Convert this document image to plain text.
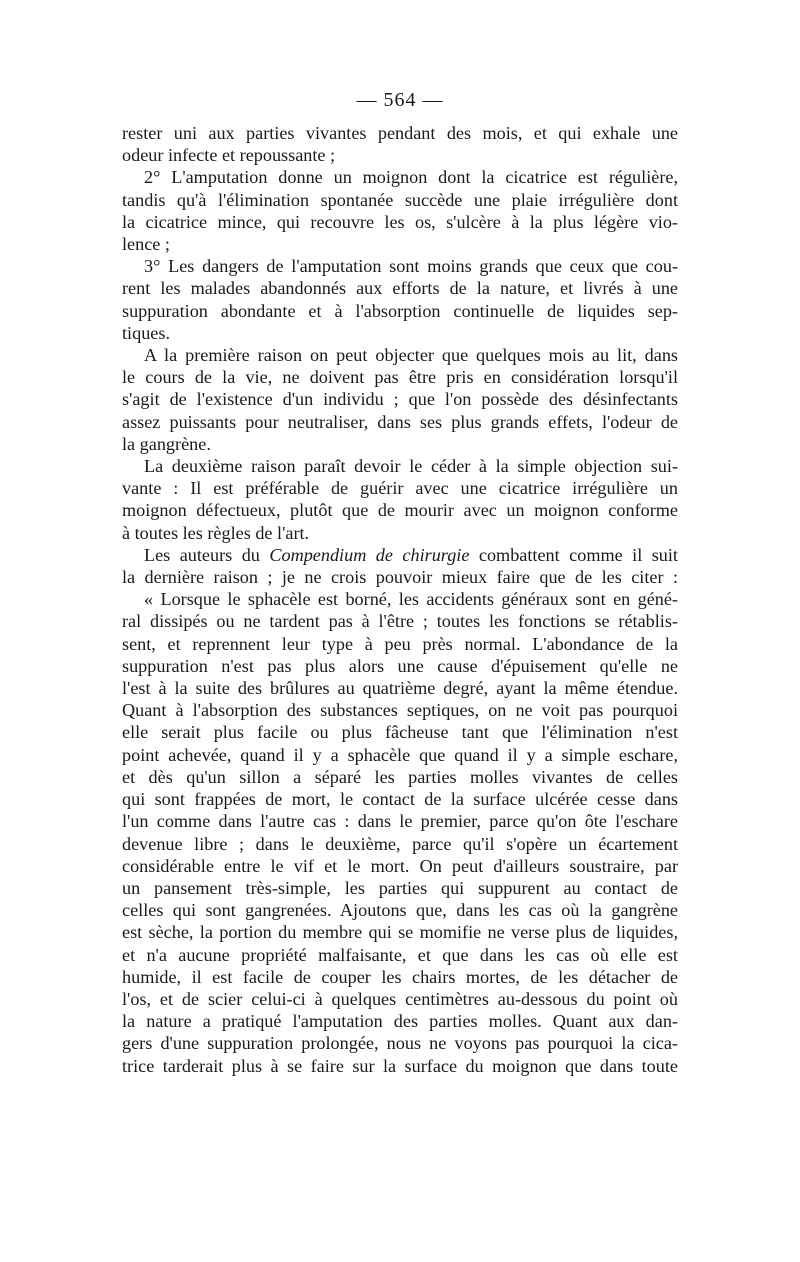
— 564 —
rester uni aux parties vivantes pendant des mois, et qui exhale une
odeur infecte et repoussante ;
2° L'amputation donne un moignon dont la cicatrice est régulière,
tandis qu'à l'élimination spontanée succède une plaie irrégulière dont
la cicatrice mince, qui recouvre les os, s'ulcère à la plus légère vio-
lence ;
3° Les dangers de l'amputation sont moins grands que ceux que cou-
rent les malades abandonnés aux efforts de la nature, et livrés à une
suppuration abondante et à l'absorption continuelle de liquides sep-
tiques.
A la première raison on peut objecter que quelques mois au lit, dans
le cours de la vie, ne doivent pas être pris en considération lorsqu'il
s'agit de l'existence d'un individu ; que l'on possède des désinfectants
assez puissants pour neutraliser, dans ses plus grands effets, l'odeur de
la gangrène.
La deuxième raison paraît devoir le céder à la simple objection sui-
vante : Il est préférable de guérir avec une cicatrice irrégulière un
moignon défectueux, plutôt que de mourir avec un moignon conforme
à toutes les règles de l'art.
Les auteurs du Compendium de chirurgie combattent comme il suit
la dernière raison ; je ne crois pouvoir mieux faire que de les citer :
« Lorsque le sphacèle est borné, les accidents généraux sont en géné-
ral dissipés ou ne tardent pas à l'être ; toutes les fonctions se rétablis-
sent, et reprennent leur type à peu près normal. L'abondance de la
suppuration n'est pas plus alors une cause d'épuisement qu'elle ne
l'est à la suite des brûlures au quatrième degré, ayant la même étendue.
Quant à l'absorption des substances septiques, on ne voit pas pourquoi
elle serait plus facile ou plus fâcheuse tant que l'élimination n'est
point achevée, quand il y a sphacèle que quand il y a simple eschare,
et dès qu'un sillon a séparé les parties molles vivantes de celles
qui sont frappées de mort, le contact de la surface ulcérée cesse dans
l'un comme dans l'autre cas : dans le premier, parce qu'on ôte l'eschare
devenue libre ; dans le deuxième, parce qu'il s'opère un écartement
considérable entre le vif et le mort. On peut d'ailleurs soustraire, par
un pansement très-simple, les parties qui suppurent au contact de
celles qui sont gangrenées. Ajoutons que, dans les cas où la gangrène
est sèche, la portion du membre qui se momifie ne verse plus de liquides,
et n'a aucune propriété malfaisante, et que dans les cas où elle est
humide, il est facile de couper les chairs mortes, de les détacher de
l'os, et de scier celui-ci à quelques centimètres au-dessous du point où
la nature a pratiqué l'amputation des parties molles. Quant aux dan-
gers d'une suppuration prolongée, nous ne voyons pas pourquoi la cica-
trice tarderait plus à se faire sur la surface du moignon que dans toute
